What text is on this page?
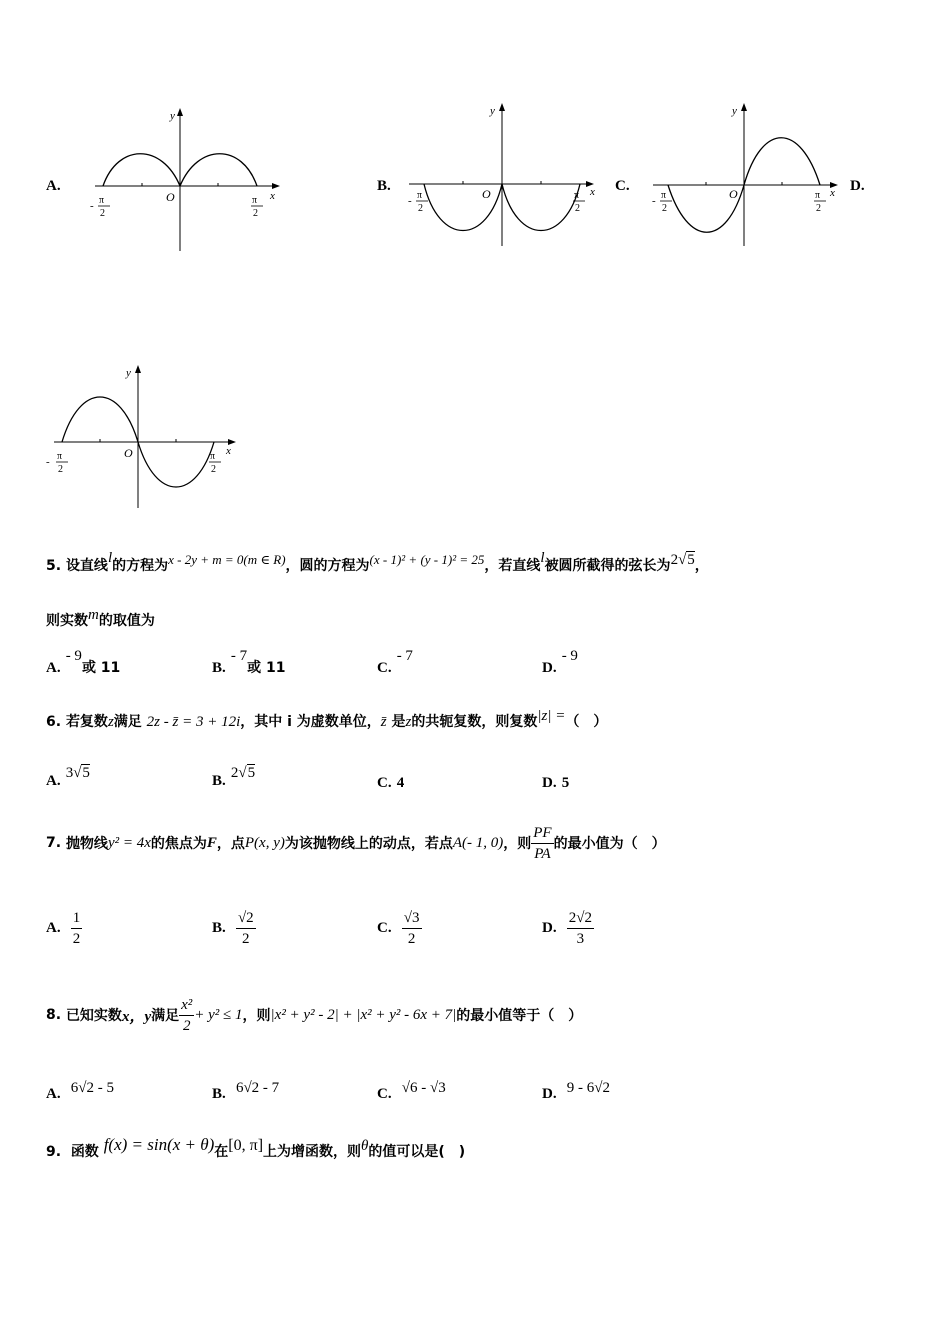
A.
y
x
O
- π
2
π
2
B.
y
x
O
- π
2
π
2
C.
y
x
O
- π
2
π
2
D.
y
x
O
- π
2
π
2
5. 设直线l的方程为x - 2y + m = 0(m ∈ R)，圆的方程为(x - 1)² + (y - 1)² = 25，若直线l被圆所截得的弦长为2√5，
则实数m的取值为
A. - 9或 11	B. - 7或 11	C. - 7
D. - 9
6. 若复数z满足 2z - z̄ = 3 + 12i，其中 i 为虚数单位，z̄ 是z的共轭复数，则复数|z| =（　）
A. 3√5	B. 2√5
C. 4	D. 5
7.
抛物线 y² = 4x 的焦点为 F ，点 P(x, y) 为该抛物线上的动点，若点 A(- 1, 0) ，则 $\frac{PF}{PA}$ 的最小值为（　）
A.
$\frac{1}{2}$	B.
$\frac{√2}{2}$	C.
$\frac{√3}{2}$	D.
$\frac{2√2}{3}$
8.
已知实数 x，y 满足 $\frac{\text{x²}}{2} + y^2 \le 1$ ，则 |x² + y² - 2| + |x² + y² - 6x + 7| 的最小值等于（　）
A. 6√2 - 5	B. 6√2 - 7	C. √6 - √3	D. 9 - 6√2
9. 函数 f(x) = sin(x + θ)在[0, π]上为增函数，则θ的值可以是(　)
